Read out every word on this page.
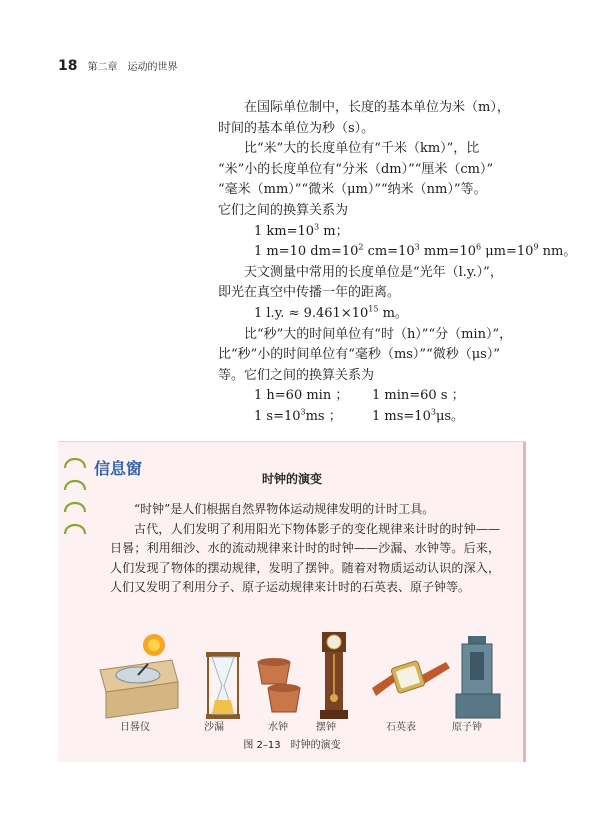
18 第二章 运动的世界

在国际单位制中，长度的基本单位为米（m），

时间的基本单位为秒（s）。

比“米”大的长度单位有“千米（km）”，比

“米”小的长度单位有“分米（dm）”“厘米（cm）”

“毫米（mm）”“微米（μm）”“纳米（nm）”等。

它们之间的换算关系为

1 $km=10^3$ m；

1 m=10 $dm=10^2$ $cm=10^3$ $mm=10^6$ $\mu m=10^9$ nm。

天文测量中常用的长度单位是“光年（l.y.）”，

即光在真空中传播一年的距离。

1 l.y. ≈ $9.461\times 10^{15}$ m。

比“秒”大的时间单位有“时（h）”“分（min）”，

比“秒”小的时间单位有“毫秒（ms）”“微秒（μs）”

等。它们之间的换算关系为

1 h=60 min ；	1 min=60 s ；

1 $s=10^3ms$ ；	1 $ms=10^3\mu s$。

信息窗
时钟的演变

“时钟”是人们根据自然界物体运动规律发明的计时工具。

古代，人们发明了利用阳光下物体影子的变化规律来计时的时钟——日晷；利用细沙、水的流动规律来计时的时钟——沙漏、水钟等。后来，人们发现了物体的摆动规律，发明了摆钟。随着对物质运动认识的深入，人们又发明了利用分子、原子运动规律来计时的石英表、原子钟等。

日晷仪	沙漏	水钟	摆钟	石英表	原子钟
图 2–13　时钟的演变
